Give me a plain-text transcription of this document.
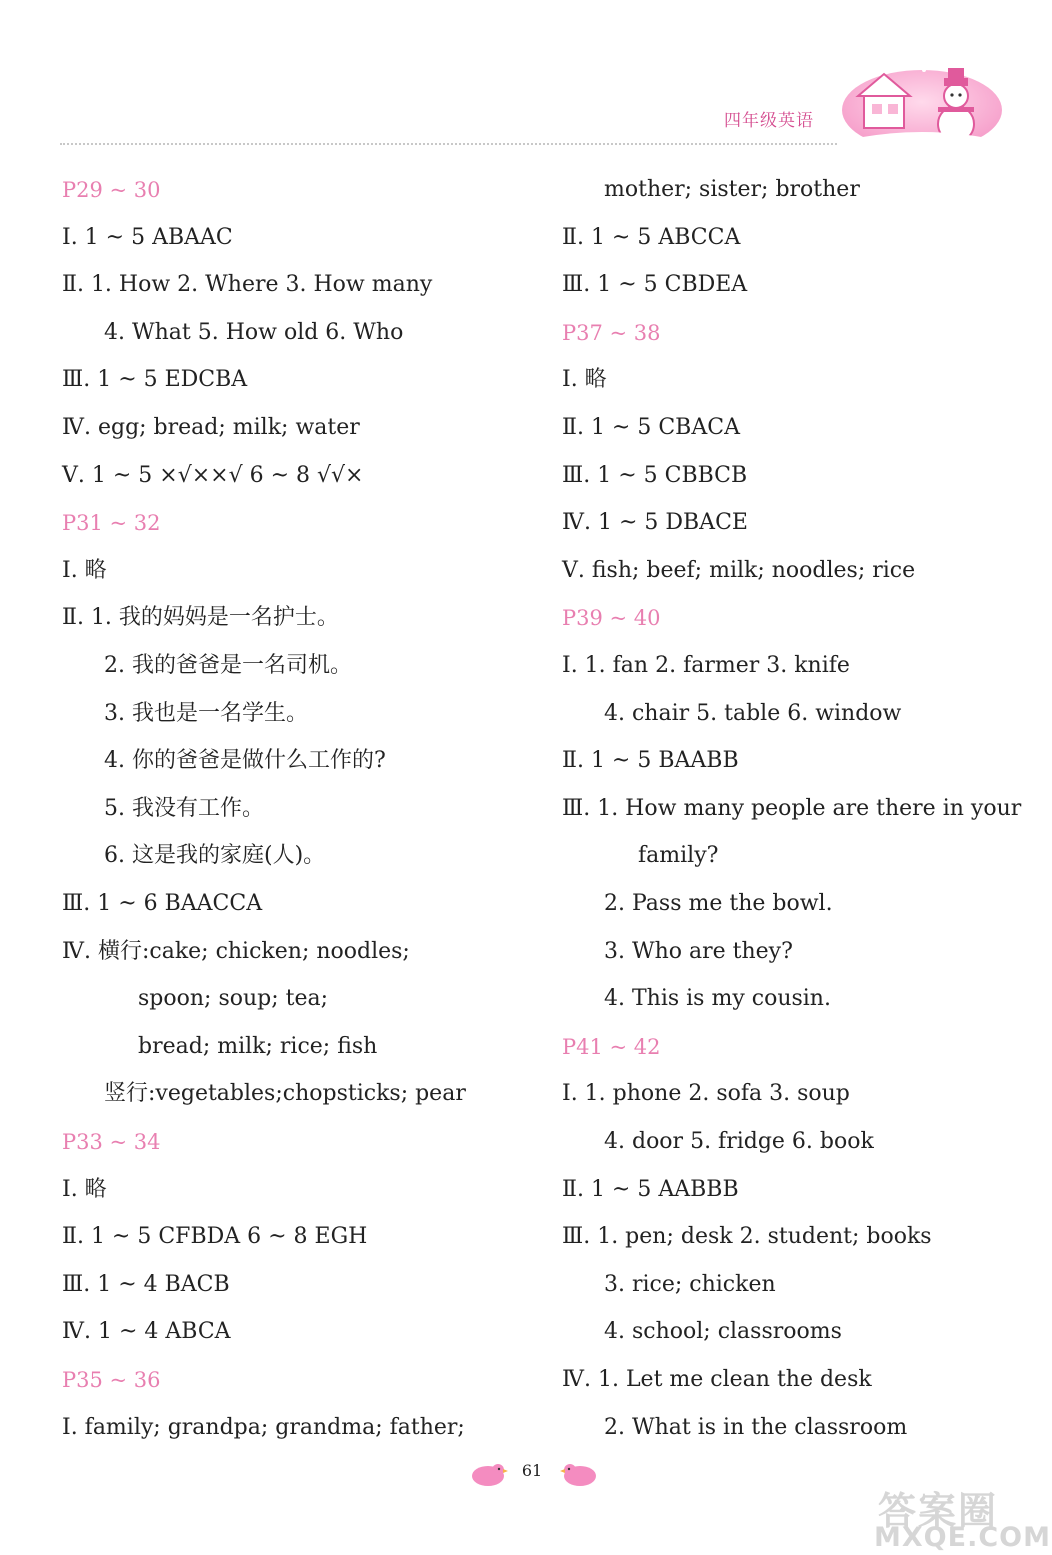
四年级英语
P29 ~ 30
Ⅰ. 1 ~ 5 ABAAC
Ⅱ. 1. How 2. Where 3. How many
4. What 5. How old 6. Who
Ⅲ. 1 ~ 5 EDCBA
Ⅳ. egg; bread; milk; water
Ⅴ. 1 ~ 5 ×√××√ 6 ~ 8 √√×
P31 ~ 32
Ⅰ. 略
Ⅱ. 1. 我的妈妈是一名护士。
2. 我的爸爸是一名司机。
3. 我也是一名学生。
4. 你的爸爸是做什么工作的?
5. 我没有工作。
6. 这是我的家庭(人)。
Ⅲ. 1 ~ 6 BAACCA
Ⅳ. 横行:cake; chicken; noodles;
spoon; soup; tea;
bread; milk; rice; fish
竖行:vegetables;chopsticks; pear
P33 ~ 34
Ⅰ. 略
Ⅱ. 1 ~ 5 CFBDA 6 ~ 8 EGH
Ⅲ. 1 ~ 4 BACB
Ⅳ. 1 ~ 4 ABCA
P35 ~ 36
Ⅰ. family; grandpa; grandma; father;
mother; sister; brother
Ⅱ. 1 ~ 5 ABCCA
Ⅲ. 1 ~ 5 CBDEA
P37 ~ 38
Ⅰ. 略
Ⅱ. 1 ~ 5 CBACA
Ⅲ. 1 ~ 5 CBBCB
Ⅳ. 1 ~ 5 DBACE
Ⅴ. fish; beef; milk; noodles; rice
P39 ~ 40
Ⅰ. 1. fan 2. farmer 3. knife
4. chair 5. table 6. window
Ⅱ. 1 ~ 5 BAABB
Ⅲ. 1. How many people are there in your
family?
2. Pass me the bowl.
3. Who are they?
4. This is my cousin.
P41 ~ 42
Ⅰ. 1. phone 2. sofa 3. soup
4. door 5. fridge 6. book
Ⅱ. 1 ~ 5 AABBB
Ⅲ. 1. pen; desk 2. student; books
3. rice; chicken
4. school; classrooms
Ⅳ. 1. Let me clean the desk
2. What is in the classroom
61
答案圈
MXQE.COM
